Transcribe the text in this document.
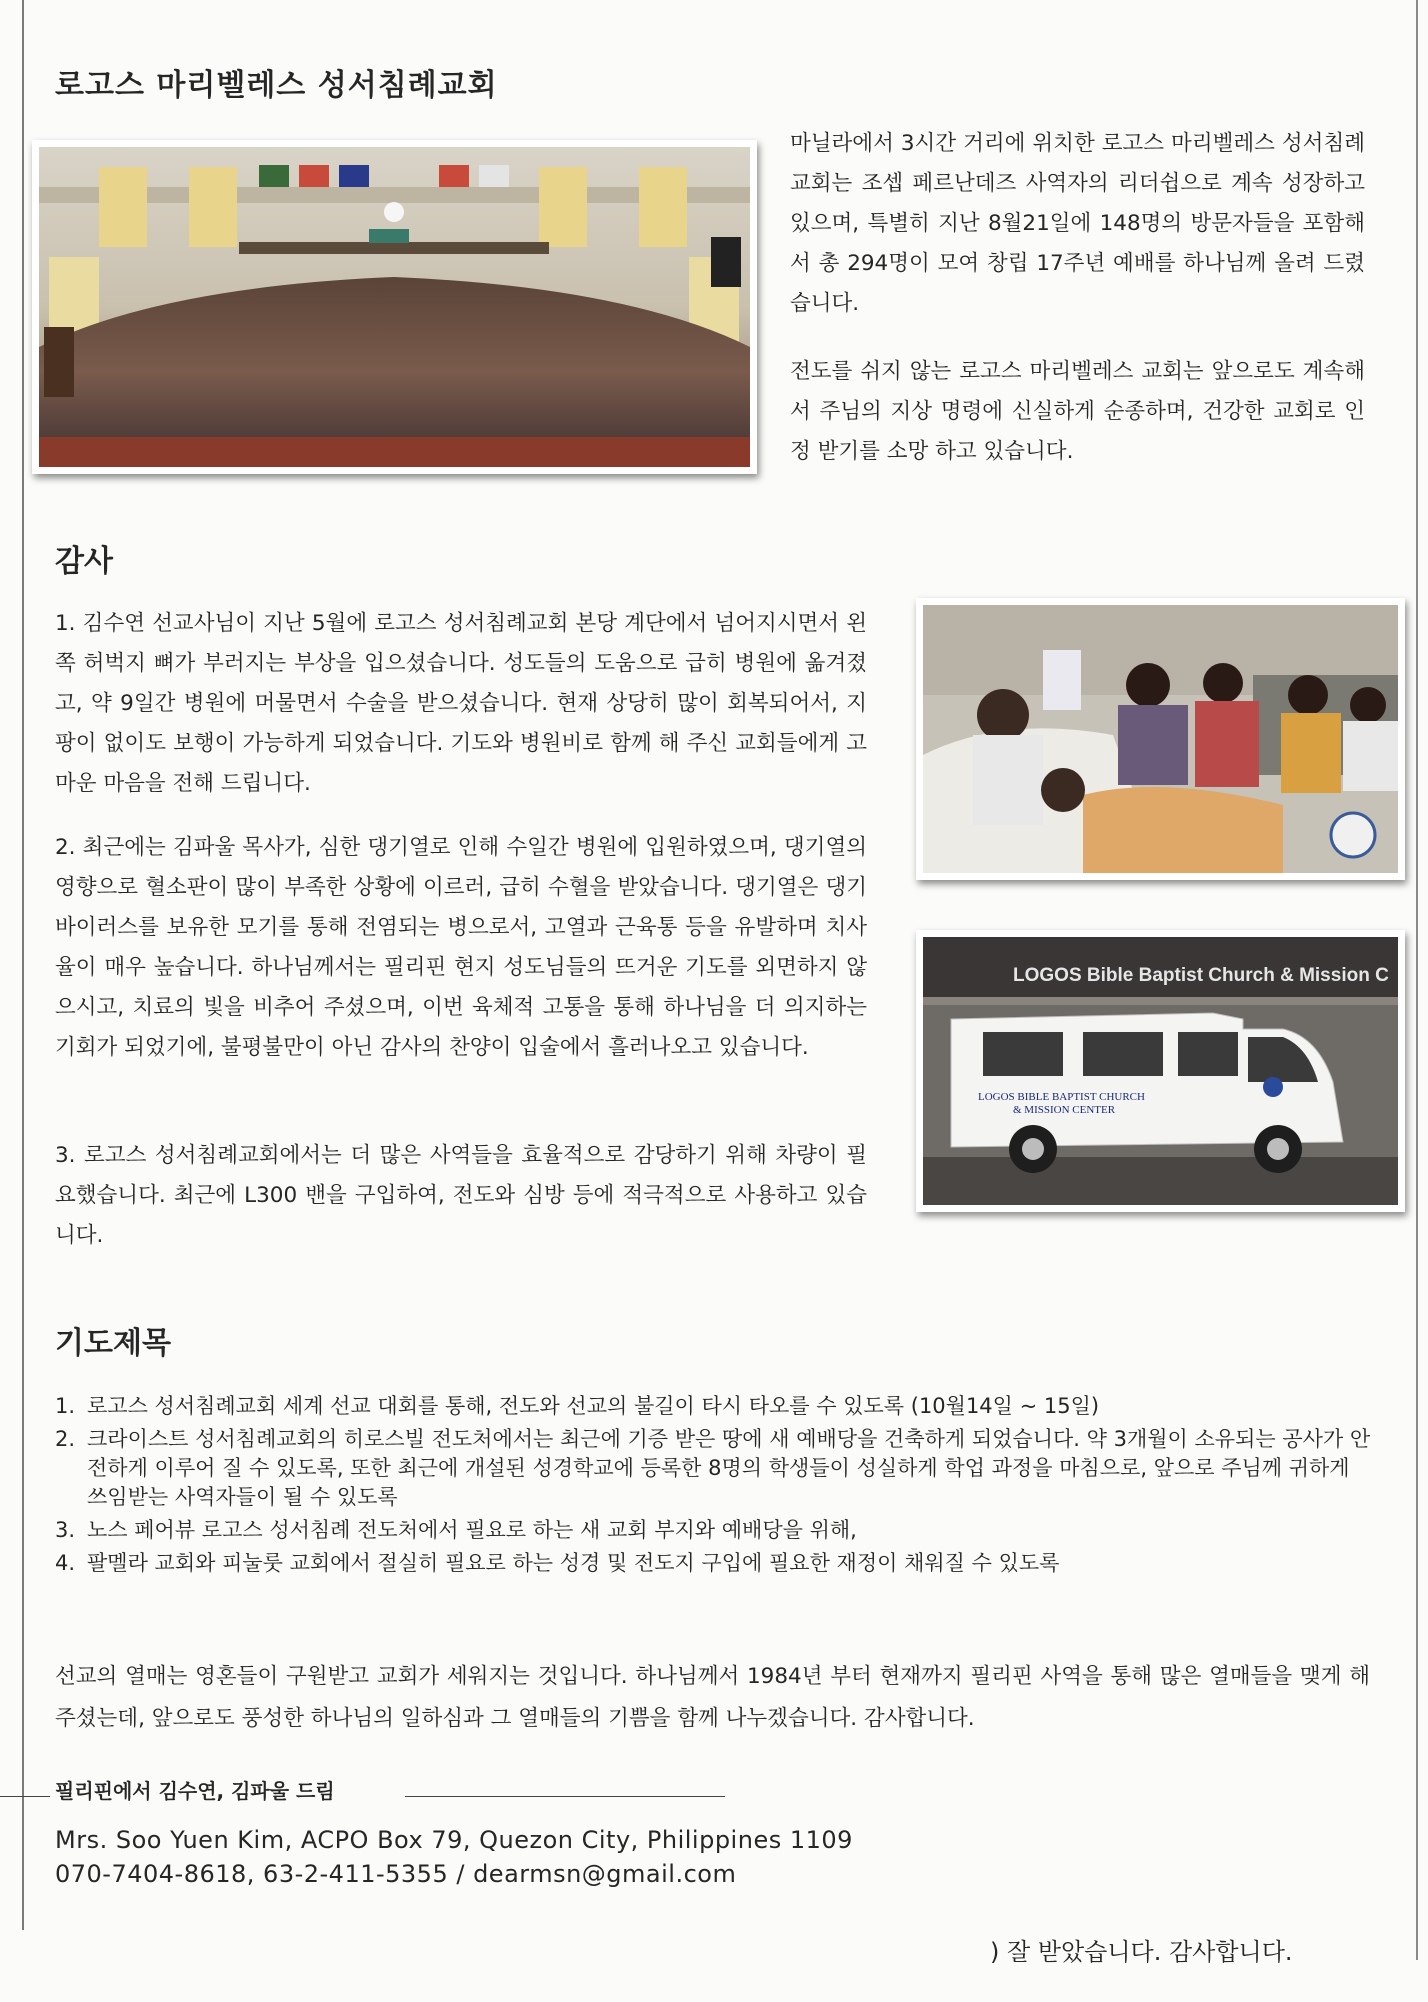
로고스 마리벨레스 성서침례교회

마닐라에서 3시간 거리에 위치한 로고스 마리벨레스 성서침례교회는 조셉 페르난데즈 사역자의 리더쉽으로 계속 성장하고 있으며, 특별히 지난 8월21일에 148명의 방문자들을 포함해서 총 294명이 모여 창립 17주년 예배를 하나님께 올려 드렸습니다.

전도를 쉬지 않는 로고스 마리벨레스 교회는 앞으로도 계속해서 주님의 지상 명령에 신실하게 순종하며, 건강한 교회로 인정 받기를 소망 하고 있습니다.

감사

1. 김수연 선교사님이 지난 5월에 로고스 성서침례교회 본당 계단에서 넘어지시면서 왼쪽 허벅지 뼈가 부러지는 부상을 입으셨습니다. 성도들의 도움으로 급히 병원에 옮겨졌고, 약 9일간 병원에 머물면서 수술을 받으셨습니다. 현재 상당히 많이 회복되어서, 지팡이 없이도 보행이 가능하게 되었습니다. 기도와 병원비로 함께 해 주신 교회들에게 고마운 마음을 전해 드립니다.

2. 최근에는 김파울 목사가, 심한 댕기열로 인해 수일간 병원에 입원하였으며, 댕기열의 영향으로 혈소판이 많이 부족한 상황에 이르러, 급히 수혈을 받았습니다. 댕기열은 댕기 바이러스를 보유한 모기를 통해 전염되는 병으로서, 고열과 근육통 등을 유발하며 치사율이 매우 높습니다. 하나님께서는 필리핀 현지 성도님들의 뜨거운 기도를 외면하지 않으시고, 치료의 빛을 비추어 주셨으며, 이번 육체적 고통을 통해 하나님을 더 의지하는 기회가 되었기에, 불평불만이 아닌 감사의 찬양이 입술에서 흘러나오고 있습니다.

3. 로고스 성서침례교회에서는 더 많은 사역들을 효율적으로 감당하기 위해 차량이 필요했습니다. 최근에 L300 밴을 구입하여, 전도와 심방 등에 적극적으로 사용하고 있습니다.

LOGOS Bible Baptist Church & Mission C
LOGOS BIBLE BAPTIST CHURCH
& MISSION CENTER
기도제목
1. 로고스 성서침례교회 세계 선교 대회를 통해, 전도와 선교의 불길이 타시 타오를 수 있도록 (10월14일 ~ 15일)
2. 크라이스트 성서침례교회의 히로스빌 전도처에서는 최근에 기증 받은 땅에 새 예배당을 건축하게 되었습니다. 약 3개월이 소유되는 공사가 안전하게 이루어 질 수 있도록, 또한 최근에 개설된 성경학교에 등록한 8명의 학생들이 성실하게 학업 과정을 마침으로, 앞으로 주님께 귀하게 쓰임받는 사역자들이 될 수 있도록
3. 노스 페어뷰 로고스 성서침례 전도처에서 필요로 하는 새 교회 부지와 예배당을 위해,
4. 팔멜라 교회와 피눌룻 교회에서 절실히 필요로 하는 성경 및 전도지 구입에 필요한 재정이 채워질 수 있도록

선교의 열매는 영혼들이 구원받고 교회가 세워지는 것입니다. 하나님께서 1984년 부터 현재까지 필리핀 사역을 통해 많은 열매들을 맺게 해 주셨는데, 앞으로도 풍성한 하나님의 일하심과 그 열매들의 기쁨을 함께 나누겠습니다. 감사합니다.

필리핀에서 김수연, 김파울 드림

Mrs. Soo Yuen Kim, ACPO Box 79, Quezon City, Philippines 1109

070-7404-8618, 63-2-411-5355 / dearmsn@gmail.com

) 잘 받았습니다. 감사합니다.
